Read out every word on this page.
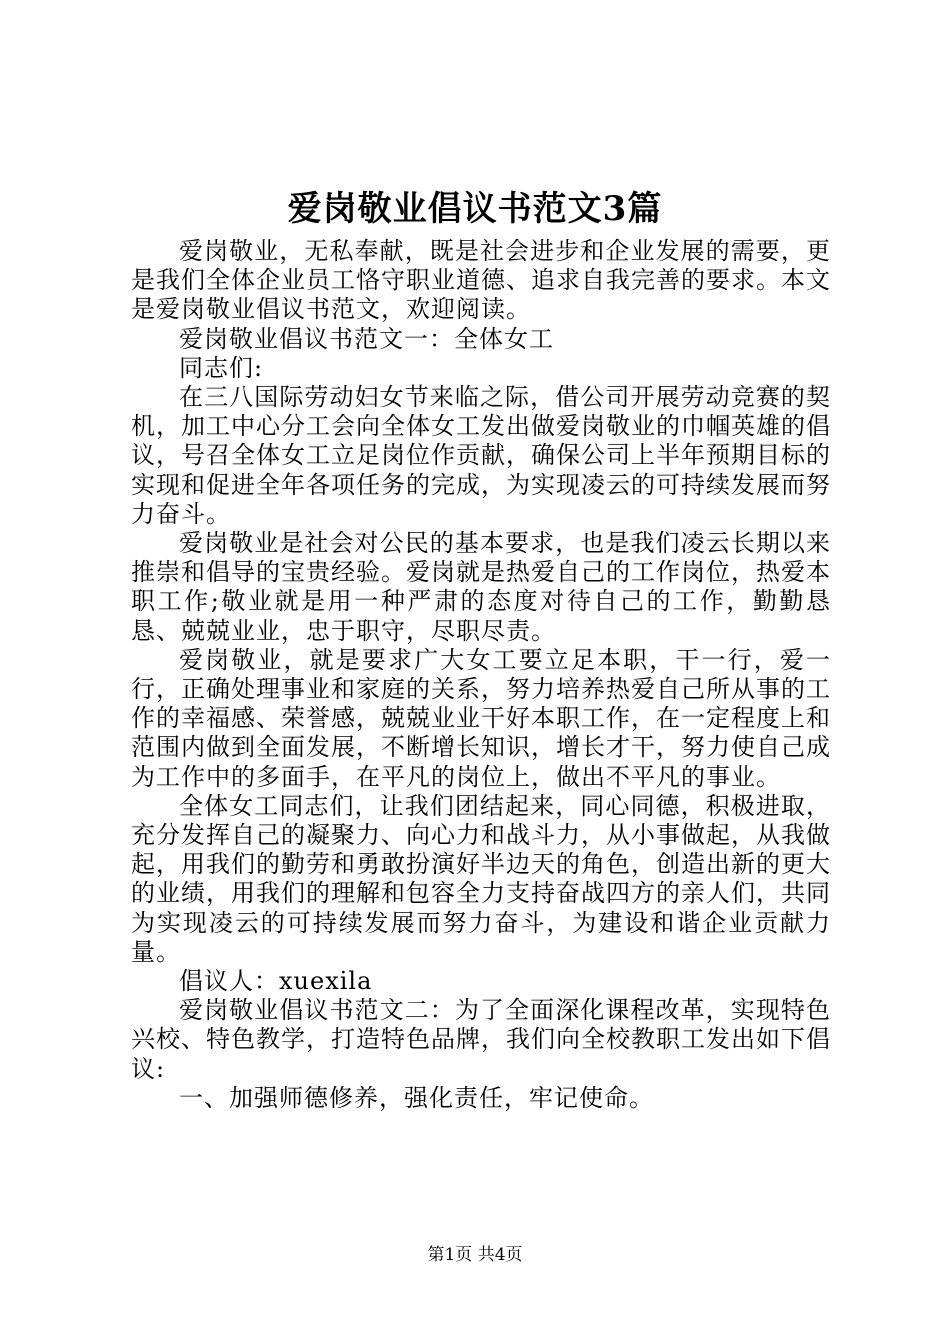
爱岗敬业倡议书范文3篇

爱岗敬业，无私奉献，既是社会进步和企业发展的需要，更是我们全体企业员工恪守职业道德、追求自我完善的要求。本文是爱岗敬业倡议书范文，欢迎阅读。

爱岗敬业倡议书范文一：全体女工

同志们:

在三八国际劳动妇女节来临之际，借公司开展劳动竞赛的契机，加工中心分工会向全体女工发出做爱岗敬业的巾帼英雄的倡议，号召全体女工立足岗位作贡献，确保公司上半年预期目标的实现和促进全年各项任务的完成，为实现凌云的可持续发展而努力奋斗。

爱岗敬业是社会对公民的基本要求，也是我们凌云长期以来推崇和倡导的宝贵经验。爱岗就是热爱自己的工作岗位，热爱本职工作;敬业就是用一种严肃的态度对待自己的工作，勤勤恳恳、兢兢业业，忠于职守，尽职尽责。

爱岗敬业，就是要求广大女工要立足本职，干一行，爱一行，正确处理事业和家庭的关系，努力培养热爱自己所从事的工作的幸福感、荣誉感，兢兢业业干好本职工作，在一定程度上和范围内做到全面发展，不断增长知识，增长才干，努力使自己成为工作中的多面手，在平凡的岗位上，做出不平凡的事业。

全体女工同志们，让我们团结起来，同心同德，积极进取，充分发挥自己的凝聚力、向心力和战斗力，从小事做起，从我做起，用我们的勤劳和勇敢扮演好半边天的角色，创造出新的更大的业绩，用我们的理解和包容全力支持奋战四方的亲人们，共同为实现凌云的可持续发展而努力奋斗，为建设和谐企业贡献力量。

倡议人：xuexila

爱岗敬业倡议书范文二：为了全面深化课程改革，实现特色兴校、特色教学，打造特色品牌，我们向全校教职工发出如下倡议:

一、加强师德修养，强化责任，牢记使命。

第1页 共4页
